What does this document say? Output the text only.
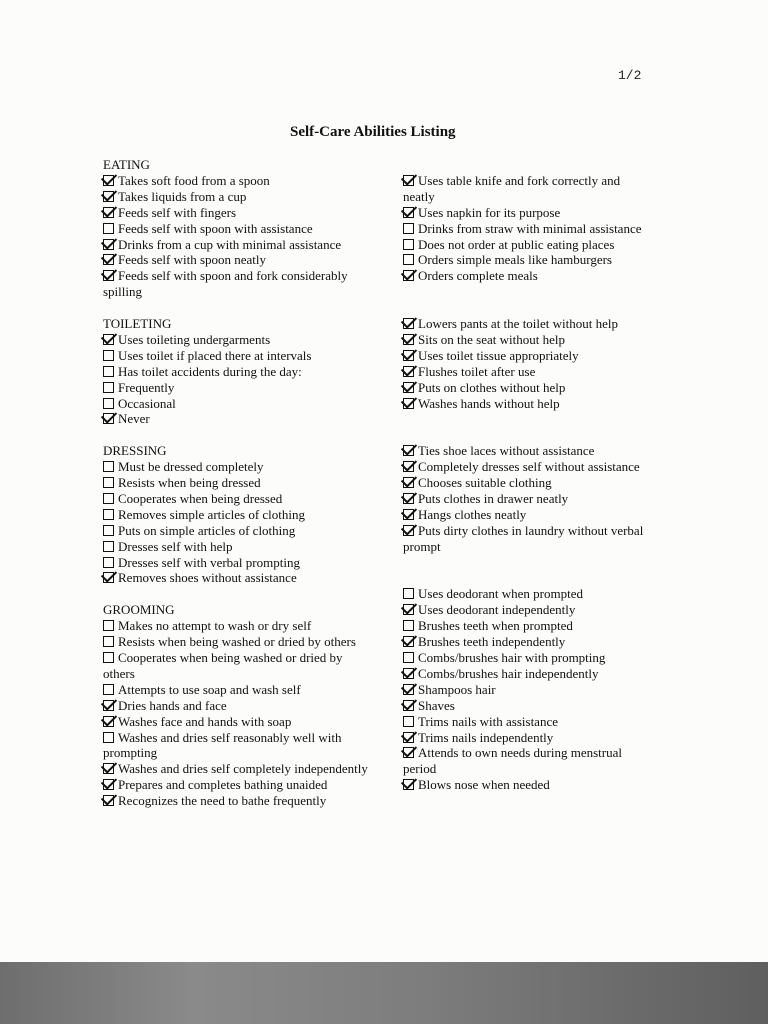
1/2
Self-Care Abilities Listing
EATING
Takes soft food from a spoon
Takes liquids from a cup
Feeds self with fingers
Feeds self with spoon with assistance
Drinks from a cup with minimal assistance
Feeds self with spoon neatly
Feeds self with spoon and fork considerably spilling
TOILETING
Uses toileting undergarments
Uses toilet if placed there at intervals
Has toilet accidents during the day:
Frequently
Occasional
Never
DRESSING
Must be dressed completely
Resists when being dressed
Cooperates when being dressed
Removes simple articles of clothing
Puts on simple articles of clothing
Dresses self with help
Dresses self with verbal prompting
Removes shoes without assistance
GROOMING
Makes no attempt to wash or dry self
Resists when being washed or dried by others
Cooperates when being washed or dried by others
Attempts to use soap and wash self
Dries hands and face
Washes face and hands with soap
Washes and dries self reasonably well with prompting
Washes and dries self completely independently
Prepares and completes bathing unaided
Recognizes the need to bathe frequently
Uses table knife and fork correctly and neatly
Uses napkin for its purpose
Drinks from straw with minimal assistance
Does not order at public eating places
Orders simple meals like hamburgers
Orders complete meals
Lowers pants at the toilet without help
Sits on the seat without help
Uses toilet tissue appropriately
Flushes toilet after use
Puts on clothes without help
Washes hands without help
Ties shoe laces without assistance
Completely dresses self without assistance
Chooses suitable clothing
Puts clothes in drawer neatly
Hangs clothes neatly
Puts dirty clothes in laundry without verbal prompt
Uses deodorant when prompted
Uses deodorant independently
Brushes teeth when prompted
Brushes teeth independently
Combs/brushes hair with prompting
Combs/brushes hair independently
Shampoos hair
Shaves
Trims nails with assistance
Trims nails independently
Attends to own needs during menstrual period
Blows nose when needed
